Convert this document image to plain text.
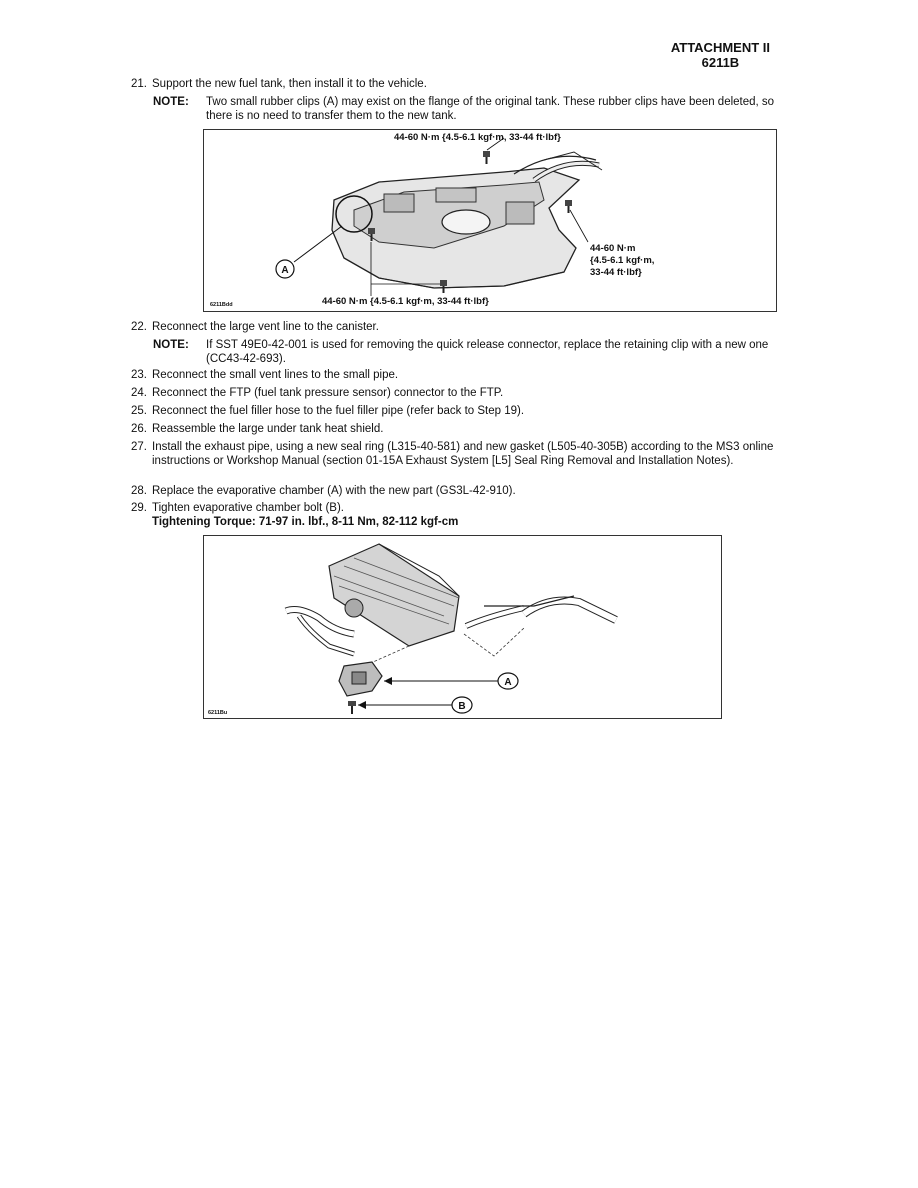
ATTACHMENT II
6211B
21. Support the new fuel tank, then install it to the vehicle.
NOTE: Two small rubber clips (A) may exist on the flange of the original tank. These rubber clips have been deleted, so there is no need to transfer them to the new tank.
A
44-60 N·m {4.5-6.1 kgf·m, 33-44 ft·lbf}
44-60 N·m
{4.5-6.1 kgf·m,
33-44 ft·lbf}
44-60 N·m {4.5-6.1 kgf·m, 33-44 ft·lbf}
6211Bdd
22. Reconnect the large vent line to the canister.
NOTE: If SST 49E0-42-001 is used for removing the quick release connector, replace the retaining clip with a new one (CC43-42-693).
23. Reconnect the small vent lines to the small pipe.
24. Reconnect the FTP (fuel tank pressure sensor) connector to the FTP.
25. Reconnect the fuel filler hose to the fuel filler pipe (refer back to Step 19).
26. Reassemble the large under tank heat shield.
27. Install the exhaust pipe, using a new seal ring (L315-40-581) and new gasket (L505-40-305B) according to the MS3 online instructions or Workshop Manual (section 01-15A Exhaust System [L5] Seal Ring Removal and Installation Notes).
28. Replace the evaporative chamber (A) with the new part (GS3L-42-910).
29. Tighten evaporative chamber bolt (B).
Tightening Torque: 71-97 in. lbf., 8-11 Nm, 82-112 kgf-cm
A
B
6211Bu
